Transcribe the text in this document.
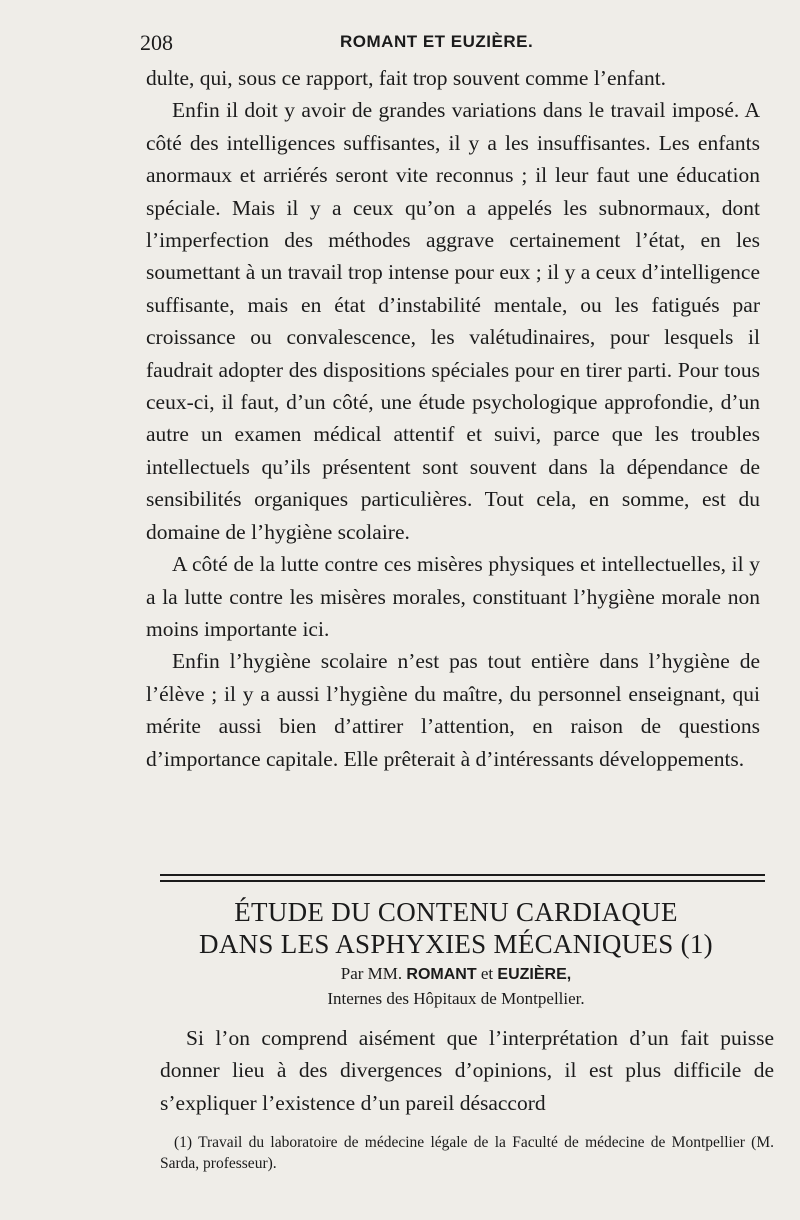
208	ROMANT ET EUZIÈRE.

dulte, qui, sous ce rapport, fait trop souvent comme l’enfant.

Enfin il doit y avoir de grandes variations dans le travail imposé. A côté des intelligences suffisantes, il y a les insuffisantes. Les enfants anormaux et arriérés seront vite reconnus ; il leur faut une éducation spéciale. Mais il y a ceux qu’on a appelés les subnormaux, dont l’imperfection des méthodes aggrave certainement l’état, en les soumettant à un travail trop intense pour eux ; il y a ceux d’intelligence suffisante, mais en état d’instabilité mentale, ou les fatigués par croissance ou convalescence, les valétudinaires, pour lesquels il faudrait adopter des dispositions spéciales pour en tirer parti. Pour tous ceux-ci, il faut, d’un côté, une étude psychologique approfondie, d’un autre un examen médical attentif et suivi, parce que les troubles intellectuels qu’ils présentent sont souvent dans la dépendance de sensibilités organiques particulières. Tout cela, en somme, est du domaine de l’hygiène scolaire.

A côté de la lutte contre ces misères physiques et intellectuelles, il y a la lutte contre les misères morales, constituant l’hygiène morale non moins importante ici.

Enfin l’hygiène scolaire n’est pas tout entière dans l’hygiène de l’élève ; il y a aussi l’hygiène du maître, du personnel enseignant, qui mérite aussi bien d’attirer l’attention, en raison de questions d’importance capitale. Elle prêterait à d’intéressants développements.

ÉTUDE DU CONTENU CARDIAQUE
DANS LES ASPHYXIES MÉCANIQUES (1)
Par MM. ROMANT et EUZIÈRE,
Internes des Hôpitaux de Montpellier.

Si l’on comprend aisément que l’interprétation d’un fait puisse donner lieu à des divergences d’opinions, il est plus difficile de s’expliquer l’existence d’un pareil désaccord

(1) Travail du laboratoire de médecine légale de la Faculté de médecine de Montpellier (M. Sarda, professeur).
